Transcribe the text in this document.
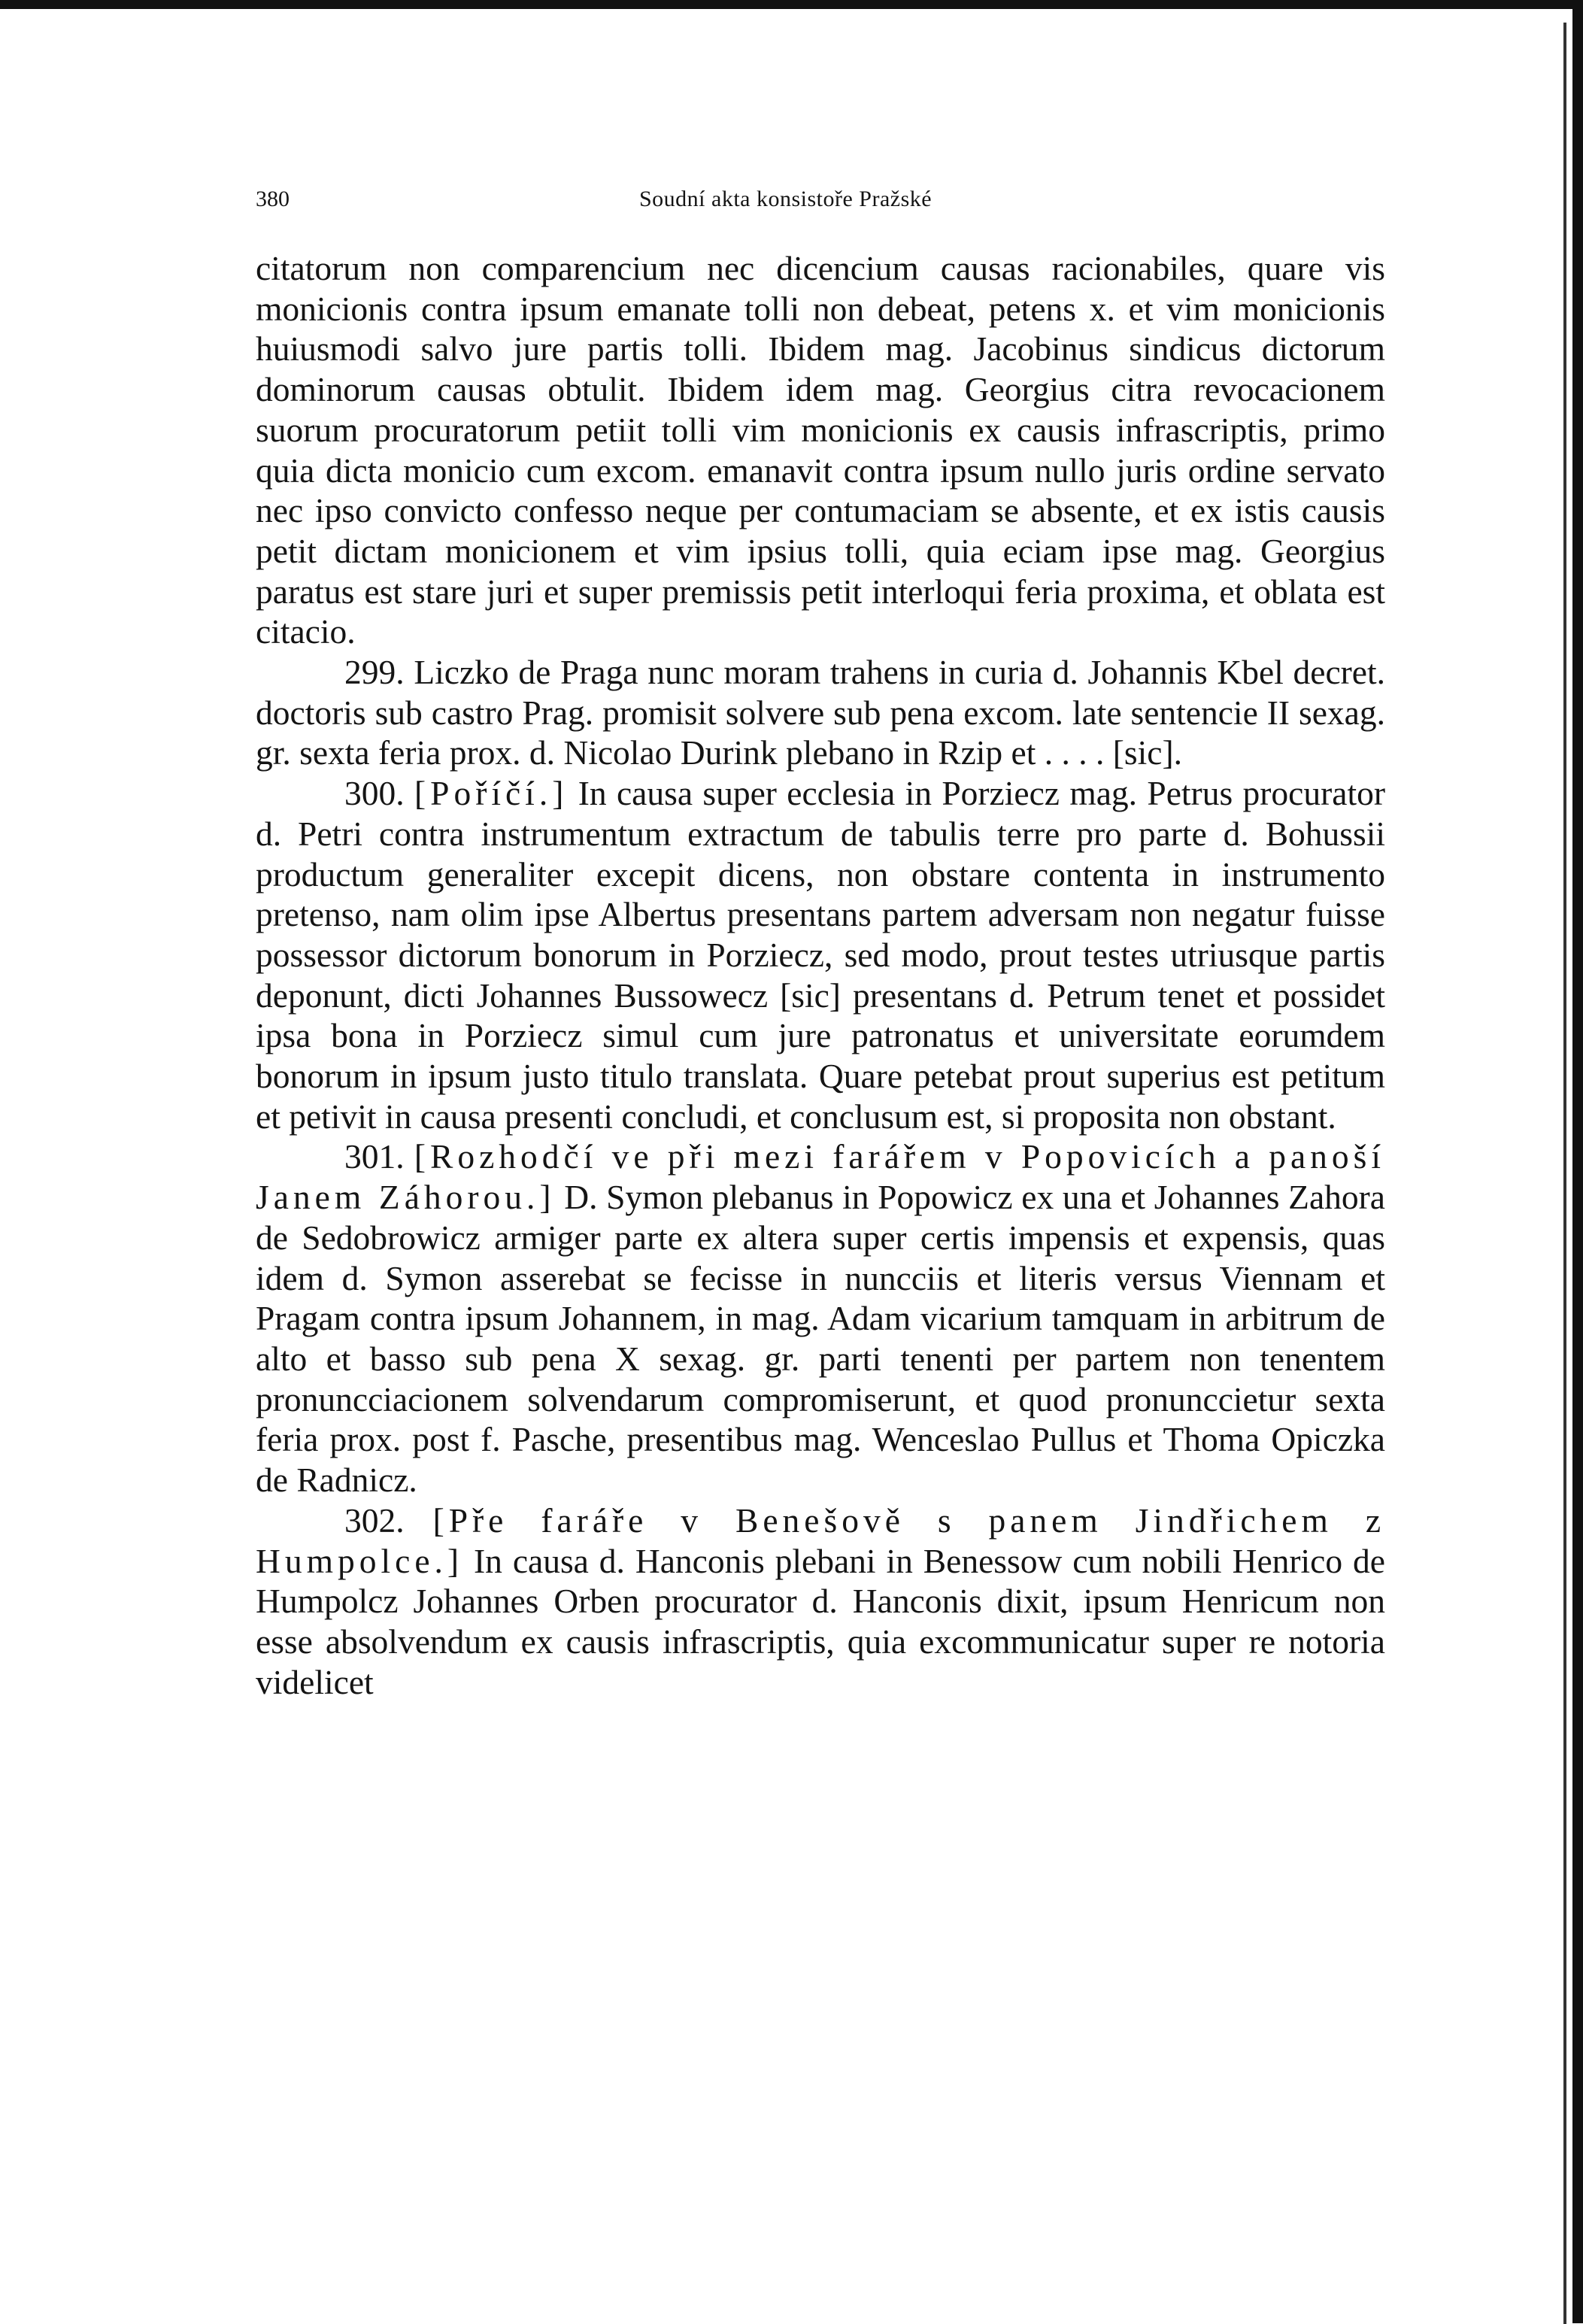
380	Soudní akta konsistoře Pražské

citatorum non comparencium nec dicencium causas racionabiles, quare vis monicionis contra ipsum emanate tolli non debeat, petens x. et vim monicionis huiusmodi salvo jure partis tolli. Ibidem mag. Jacobinus sindicus dictorum dominorum causas obtulit. Ibidem idem mag. Georgius citra revocacionem suorum procuratorum petiit tolli vim monicionis ex causis infrascriptis, primo quia dicta monicio cum excom. emanavit contra ipsum nullo juris ordine servato nec ipso convicto confesso neque per contumaciam se absente, et ex istis causis petit dictam monicionem et vim ipsius tolli, quia eciam ipse mag. Georgius paratus est stare juri et super premissis petit interloqui feria proxima, et oblata est citacio.

299. Liczko de Praga nunc moram trahens in curia d. Johannis Kbel decret. doctoris sub castro Prag. promisit solvere sub pena excom. late sentencie II sexag. gr. sexta feria prox. d. Nicolao Durink plebano in Rzip et . . . . [sic].

300. [Poříčí.] In causa super ecclesia in Porziecz mag. Petrus procurator d. Petri contra instrumentum extractum de tabulis terre pro parte d. Bohussii productum generaliter excepit dicens, non obstare contenta in instrumento pretenso, nam olim ipse Albertus presentans partem adversam non negatur fuisse possessor dictorum bonorum in Porziecz, sed modo, prout testes utriusque partis deponunt, dicti Johannes Bussowecz [sic] presentans d. Petrum tenet et possidet ipsa bona in Porziecz simul cum jure patronatus et universitate eorumdem bonorum in ipsum justo titulo translata. Quare petebat prout superius est petitum et petivit in causa presenti concludi, et conclusum est, si proposita non obstant.

301. [Rozhodčí ve při mezi farářem v Popovicích a panoší Janem Záhorou.] D. Symon plebanus in Popowicz ex una et Johannes Zahora de Sedobrowicz armiger parte ex altera super certis impensis et expensis, quas idem d. Symon asserebat se fecisse in nuncciis et literis versus Viennam et Pragam contra ipsum Johannem, in mag. Adam vicarium tamquam in arbitrum de alto et basso sub pena X sexag. gr. parti tenenti per partem non tenentem pronuncciacionem solvendarum compromiserunt, et quod pronunccietur sexta feria prox. post f. Pasche, presentibus mag. Wenceslao Pullus et Thoma Opiczka de Radnicz.

302. [Pře faráře v Benešově s panem Jindřichem z Humpolce.] In causa d. Hanconis plebani in Benessow cum nobili Henrico de Humpolcz Johannes Orben procurator d. Hanconis dixit, ipsum Henricum non esse absolvendum ex causis infrascriptis, quia excommunicatur super re notoria videlicet
